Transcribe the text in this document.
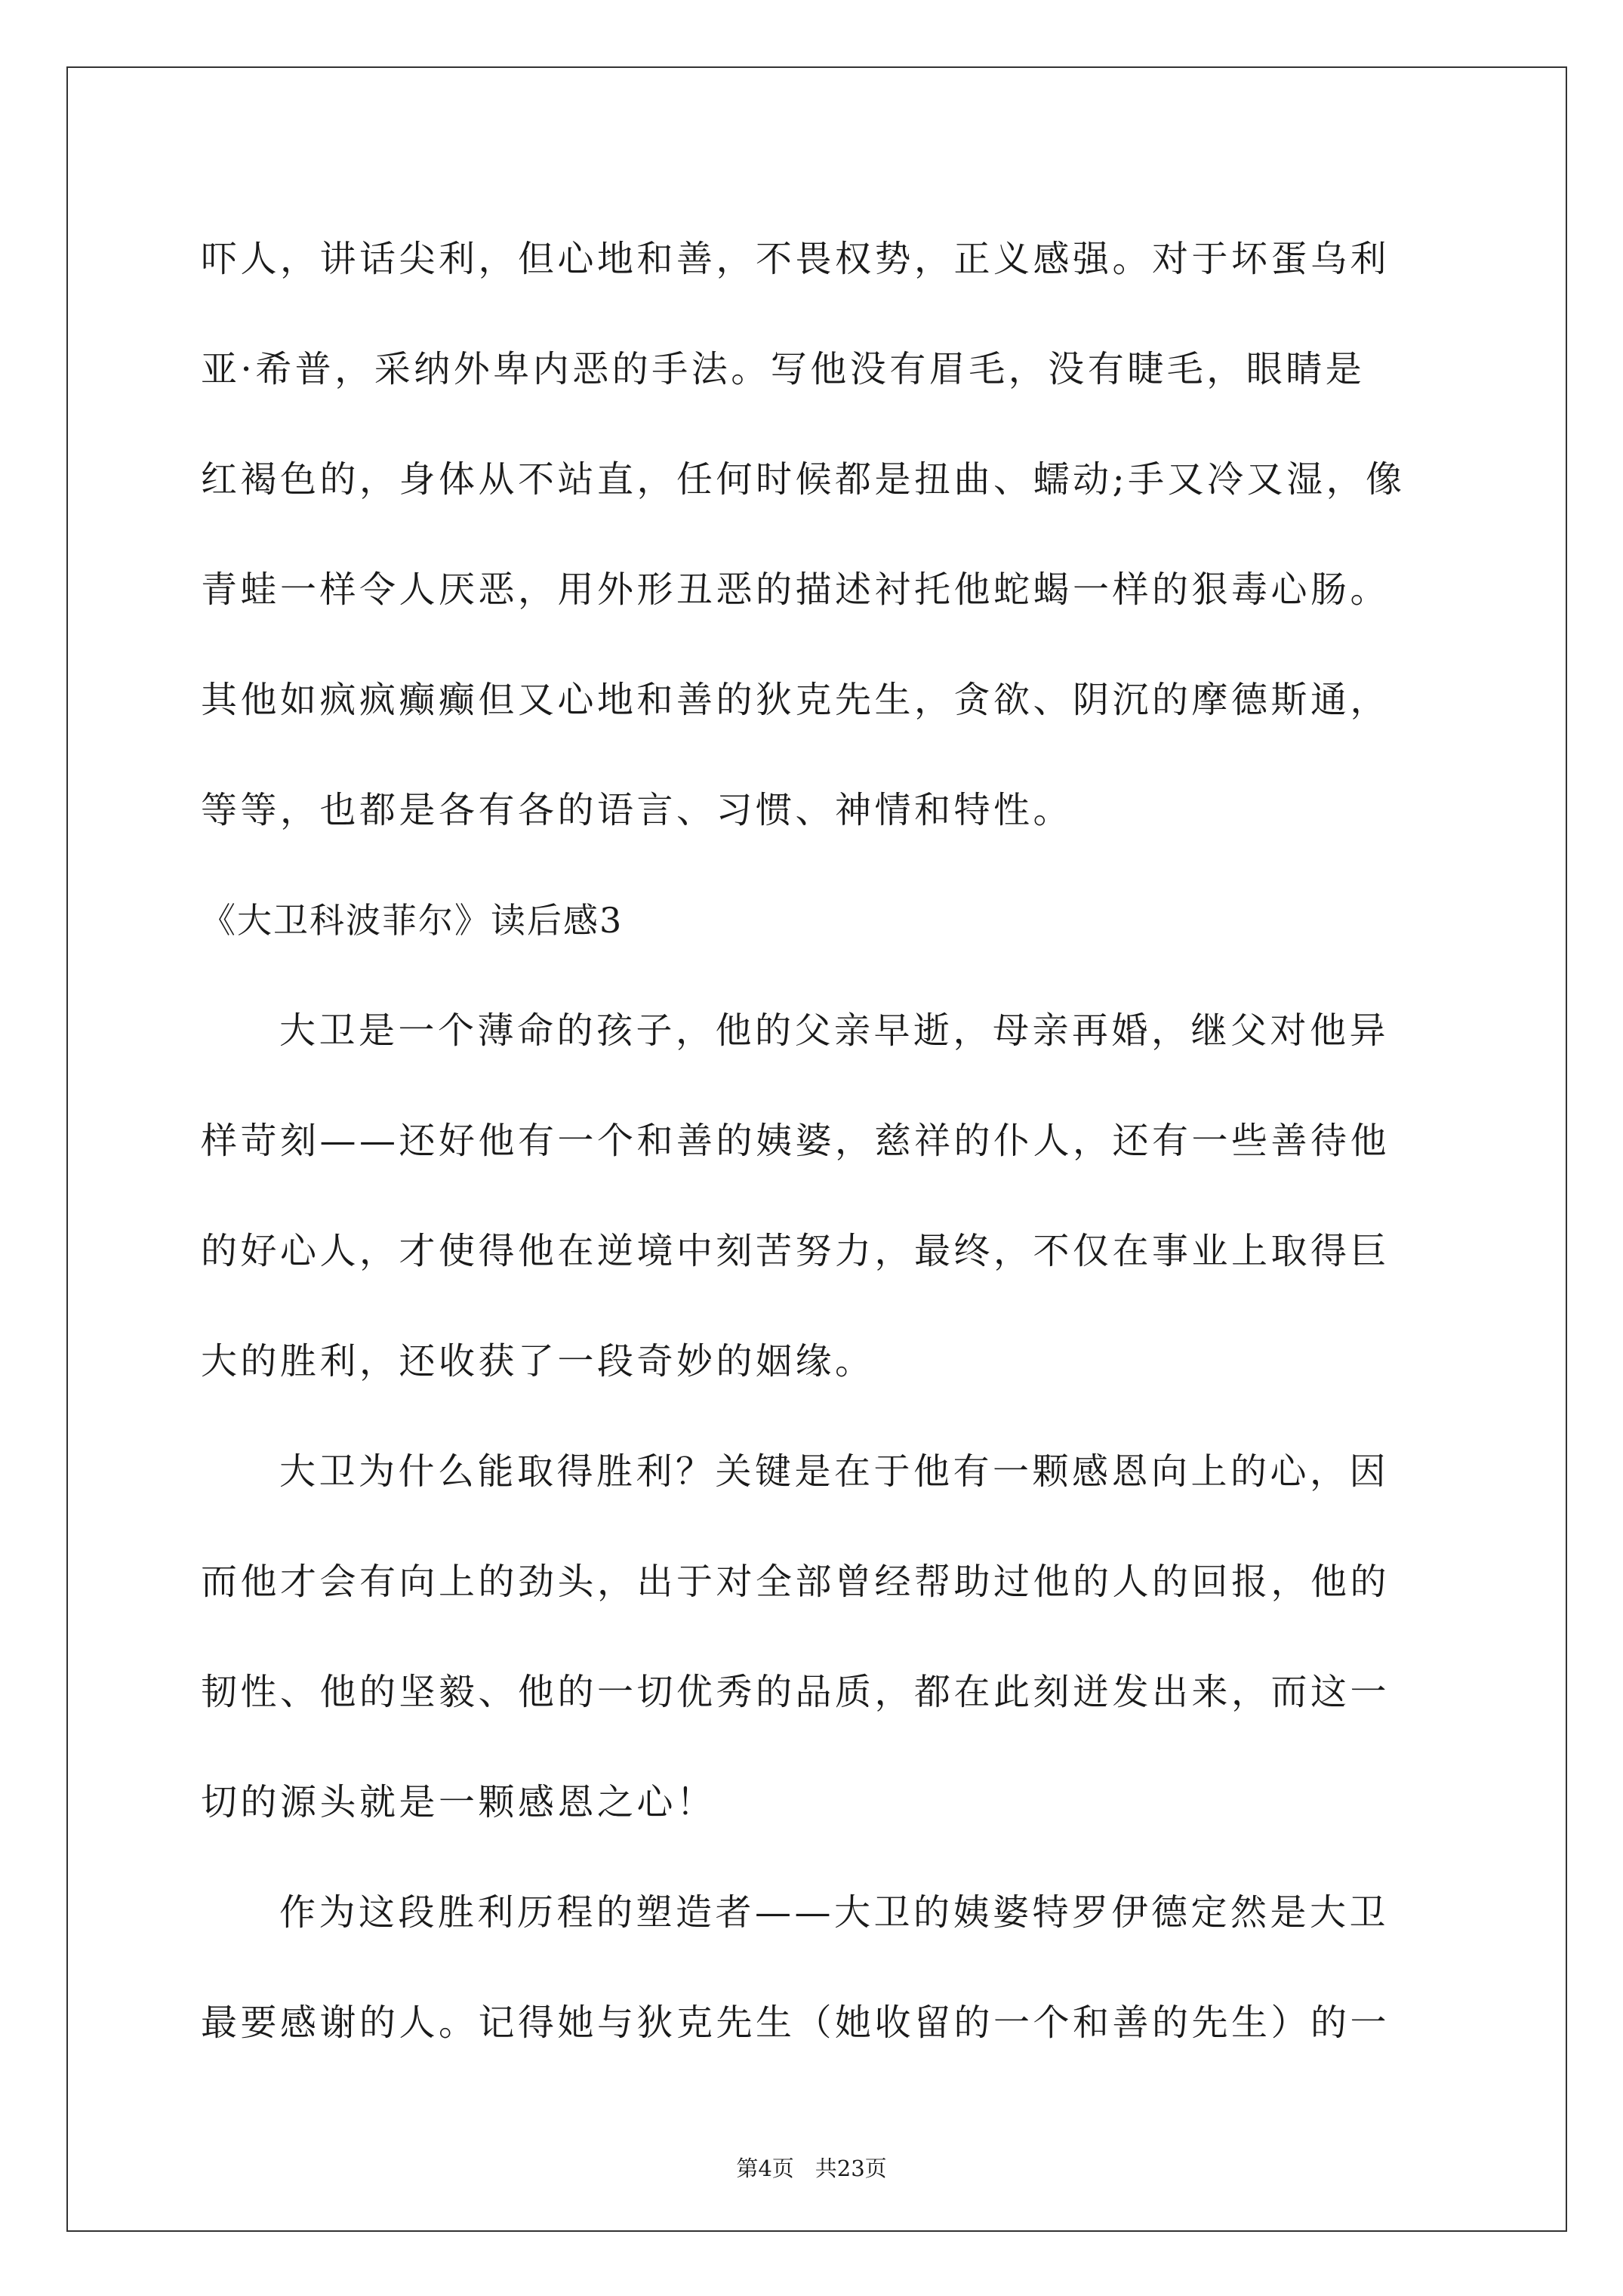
吓人，讲话尖利，但心地和善，不畏权势，正义感强。对于坏蛋乌利
亚·希普，采纳外卑内恶的手法。写他没有眉毛，没有睫毛，眼睛是
红褐色的，身体从不站直，任何时候都是扭曲、蠕动;手又冷又湿，像
青蛙一样令人厌恶，用外形丑恶的描述衬托他蛇蝎一样的狠毒心肠。
其他如疯疯癫癫但又心地和善的狄克先生，贪欲、阴沉的摩德斯通，
等等，也都是各有各的语言、习惯、神情和特性。
《大卫科波菲尔》读后感3
大卫是一个薄命的孩子，他的父亲早逝，母亲再婚，继父对他异
样苛刻——还好他有一个和善的姨婆，慈祥的仆人，还有一些善待他
的好心人，才使得他在逆境中刻苦努力，最终，不仅在事业上取得巨
大的胜利，还收获了一段奇妙的姻缘。
大卫为什么能取得胜利？关键是在于他有一颗感恩向上的心，因
而他才会有向上的劲头，出于对全部曾经帮助过他的人的回报，他的
韧性、他的坚毅、他的一切优秀的品质，都在此刻迸发出来，而这一
切的源头就是一颗感恩之心！
作为这段胜利历程的塑造者——大卫的姨婆特罗伊德定然是大卫
最要感谢的人。记得她与狄克先生（她收留的一个和善的先生）的一
第4页 共23页
